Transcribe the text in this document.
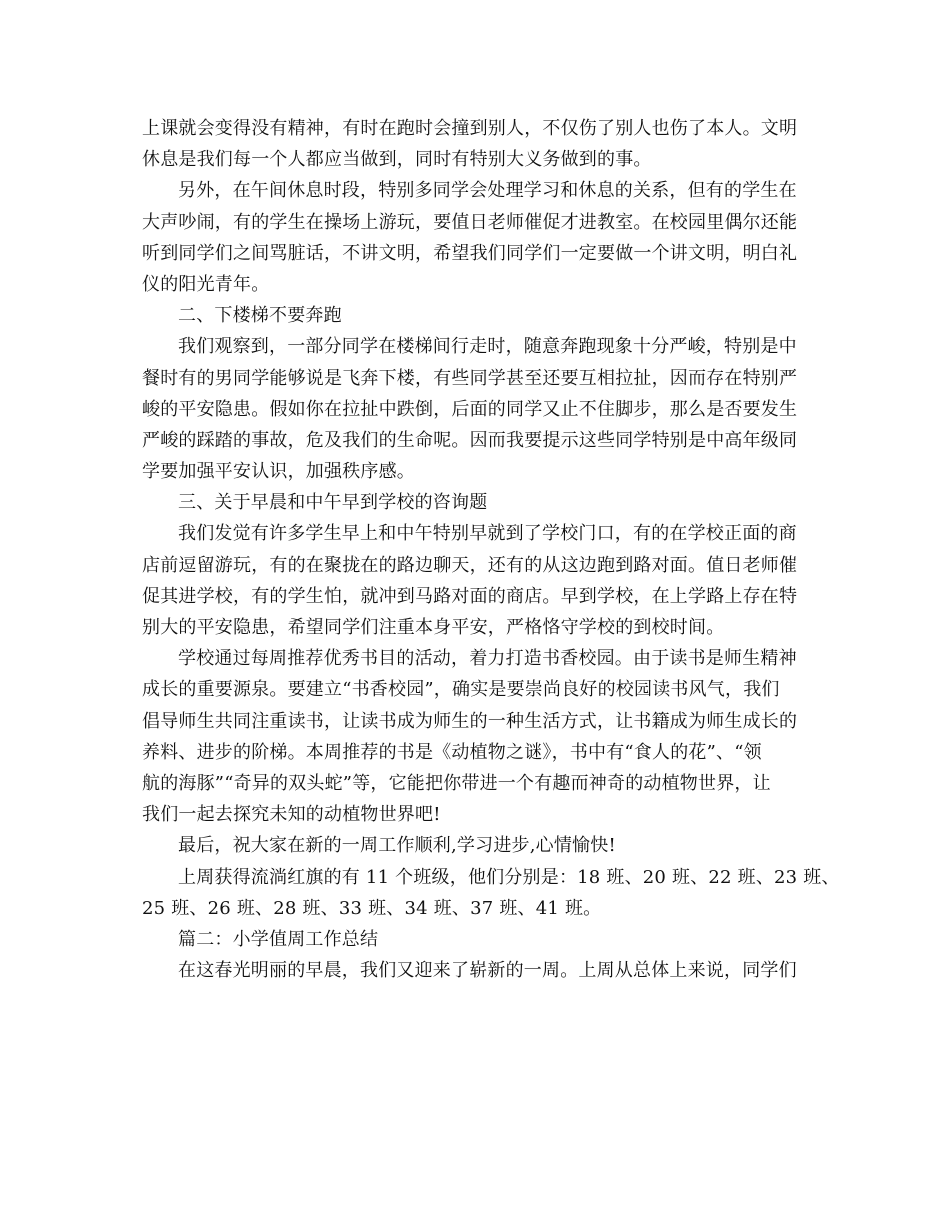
上课就会变得没有精神，有时在跑时会撞到别人，不仅伤了别人也伤了本人。文明
休息是我们每一个人都应当做到，同时有特别大义务做到的事。
另外，在午间休息时段，特别多同学会处理学习和休息的关系，但有的学生在
大声吵闹，有的学生在操场上游玩，要值日老师催促才进教室。在校园里偶尔还能
听到同学们之间骂脏话，不讲文明，希望我们同学们一定要做一个讲文明，明白礼
仪的阳光青年。
二、下楼梯不要奔跑
我们观察到，一部分同学在楼梯间行走时，随意奔跑现象十分严峻，特别是中
餐时有的男同学能够说是飞奔下楼，有些同学甚至还要互相拉扯，因而存在特别严
峻的平安隐患。假如你在拉扯中跌倒，后面的同学又止不住脚步，那么是否要发生
严峻的踩踏的事故，危及我们的生命呢。因而我要提示这些同学特别是中高年级同
学要加强平安认识，加强秩序感。
三、关于早晨和中午早到学校的咨询题
我们发觉有许多学生早上和中午特别早就到了学校门口，有的在学校正面的商
店前逗留游玩，有的在聚拢在的路边聊天，还有的从这边跑到路对面。值日老师催
促其进学校，有的学生怕，就冲到马路对面的商店。早到学校，在上学路上存在特
别大的平安隐患，希望同学们注重本身平安，严格恪守学校的到校时间。
学校通过每周推荐优秀书目的活动，着力打造书香校园。由于读书是师生精神
成长的重要源泉。要建立“书香校园”，确实是要崇尚良好的校园读书风气，我们
倡导师生共同注重读书，让读书成为师生的一种生活方式，让书籍成为师生成长的
养料、进步的阶梯。本周推荐的书是《动植物之谜》，书中有“食人的花”、“领
航的海豚”“奇异的双头蛇”等，它能把你带进一个有趣而神奇的动植物世界，让
我们一起去探究未知的动植物世界吧!
最后，祝大家在新的一周工作顺利,学习进步,心情愉快!
上周获得流淌红旗的有 11 个班级，他们分别是：18 班、20 班、22 班、23 班、
25 班、26 班、28 班、33 班、34 班、37 班、41 班。
篇二：小学值周工作总结
在这春光明丽的早晨，我们又迎来了崭新的一周。上周从总体上来说，同学们
